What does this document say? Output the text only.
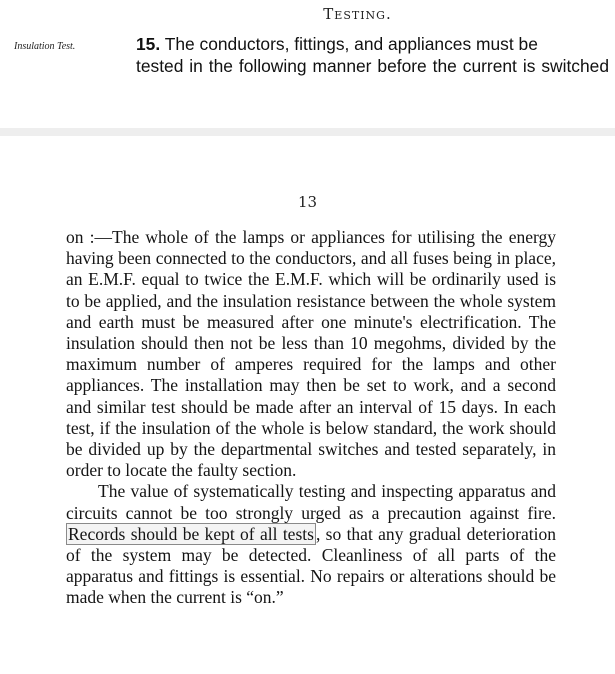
Testing.
Insulation Test.	15. The conductors, fittings, and appliances must be
tested in the following manner before the current is switched
13

on :—The whole of the lamps or appliances for utilising the energy having been connected to the conductors, and all fuses being in place, an E.M.F. equal to twice the E.M.F. which will be ordinarily used is to be applied, and the insulation resistance between the whole system and earth must be measured after one minute's electrification. The insulation should then not be less than 10 megohms, divided by the maximum number of amperes required for the lamps and other appliances. The installation may then be set to work, and a second and similar test should be made after an interval of 15 days. In each test, if the insulation of the whole is below standard, the work should be divided up by the departmental switches and tested separately, in order to locate the faulty section.

The value of systematically testing and inspecting apparatus and circuits cannot be too strongly urged as a precaution against fire. Records should be kept of all tests , so that any gradual deterioration of the system may be detected. Cleanliness of all parts of the apparatus and fittings is essential. No repairs or alterations should be made when the current is “on.”
